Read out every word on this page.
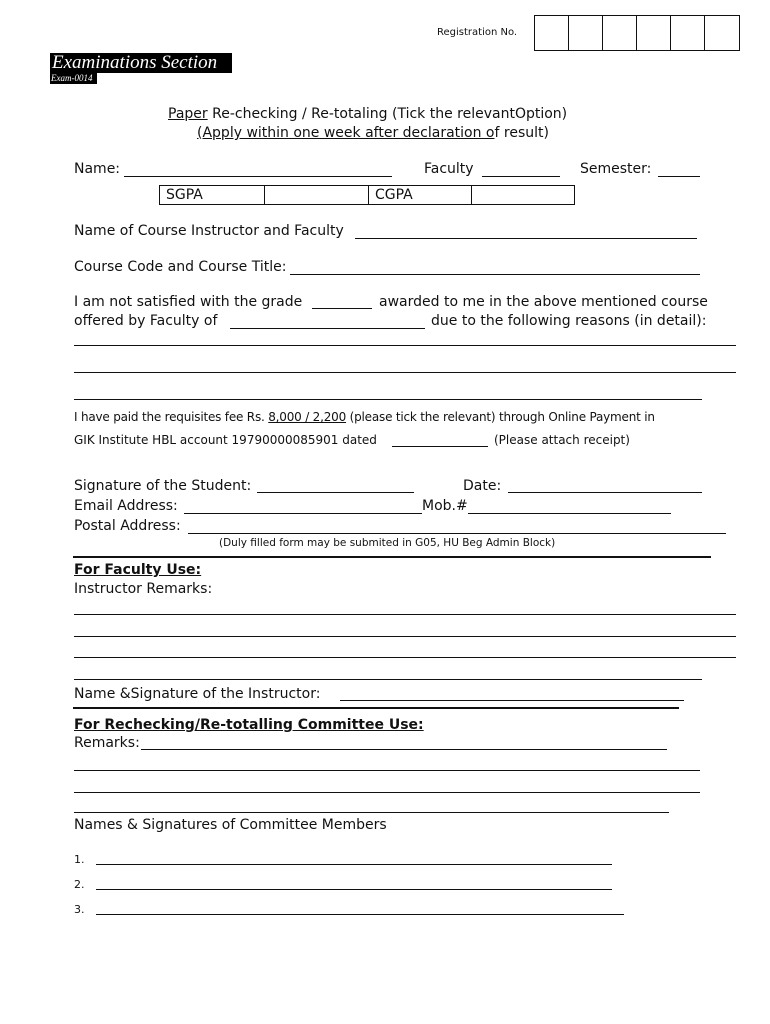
Registration No.
Examinations Section
Exam-0014
Paper Re-checking / Re-totaling (Tick the relevantOption)
(Apply within one week after declaration of result)
Name:	Faculty	Semester:
SGPA		CGPA	
Name of Course Instructor and Faculty
Course Code and Course Title:
I am not satisfied with the grade	awarded to me in the above mentioned course
offered by Faculty of	due to the following reasons (in detail):
I have paid the requisites fee Rs. 8,000 / 2,200 (please tick the relevant) through Online Payment in
GIK Institute HBL account 19790000085901 dated	(Please attach receipt)
Signature of the Student:	Date:
Email Address:	Mob.#
Postal Address:
(Duly filled form may be submited in G05, HU Beg Admin Block)
For Faculty Use:
Instructor Remarks:
Name &Signature of the Instructor:
For Rechecking/Re-totalling Committee Use:
Remarks:
Names & Signatures of Committee Members
1.
2.
3.
